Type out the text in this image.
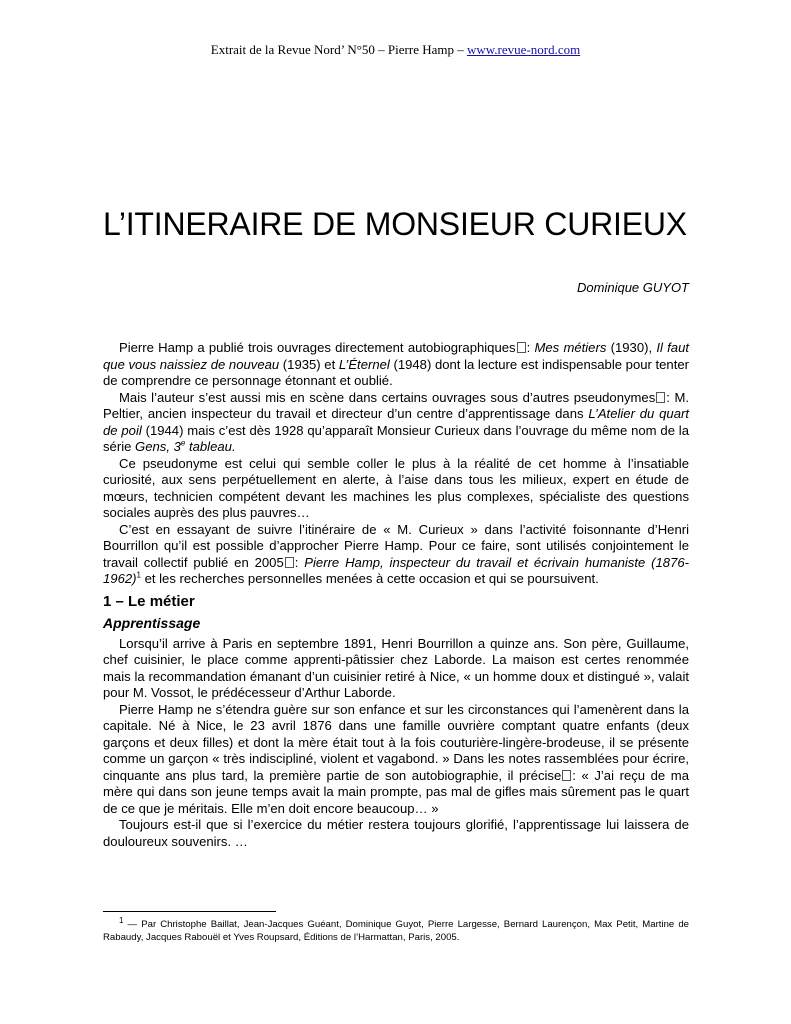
Extrait de la Revue Nord’ N°50 – Pierre Hamp – www.revue-nord.com
L’ITINERAIRE DE MONSIEUR CURIEUX
Dominique GUYOT

Pierre Hamp a publié trois ouvrages directement autobiographiques : Mes métiers (1930), Il faut que vous naissiez de nouveau (1935) et L’Éternel (1948) dont la lecture est indispensable pour tenter de comprendre ce personnage étonnant et oublié.

Mais l’auteur s’est aussi mis en scène dans certains ouvrages sous d’autres pseudonymes : M. Peltier, ancien inspecteur du travail et directeur d’un centre d’apprentissage dans L’Atelier du quart de poil (1944) mais c’est dès 1928 qu’apparaît Monsieur Curieux dans l’ouvrage du même nom de la série Gens, 3e tableau.

Ce pseudonyme est celui qui semble coller le plus à la réalité de cet homme à l’insatiable curiosité, aux sens perpétuellement en alerte, à l’aise dans tous les milieux, expert en étude de mœurs, technicien compétent devant les machines les plus complexes, spécialiste des questions sociales auprès des plus pauvres…

C’est en essayant de suivre l’itinéraire de « M. Curieux » dans l’activité foisonnante d’Henri Bourrillon qu’il est possible d’approcher Pierre Hamp. Pour ce faire, sont utilisés conjointement le travail collectif publié en 2005 : Pierre Hamp, inspecteur du travail et écrivain humaniste (1876-1962)$^1$ et les recherches personnelles menées à cette occasion et qui se poursuivent.

1 – Le métier
Apprentissage

Lorsqu’il arrive à Paris en septembre 1891, Henri Bourrillon a quinze ans. Son père, Guillaume, chef cuisinier, le place comme apprenti-pâtissier chez Laborde. La maison est certes renommée mais la recommandation émanant d’un cuisinier retiré à Nice, « un homme doux et distingué », valait pour M. Vossot, le prédécesseur d’Arthur Laborde.

Pierre Hamp ne s’étendra guère sur son enfance et sur les circonstances qui l’amenèrent dans la capitale. Né à Nice, le 23 avril 1876 dans une famille ouvrière comptant quatre enfants (deux garçons et deux filles) et dont la mère était tout à la fois couturière-lingère-brodeuse, il se présente comme un garçon « très indiscipliné, violent et vagabond. » Dans les notes rassemblées pour écrire, cinquante ans plus tard, la première partie de son autobiographie, il précise : « J’ai reçu de ma mère qui dans son jeune temps avait la main prompte, pas mal de gifles mais sûrement pas le quart de ce que je méritais. Elle m’en doit encore beaucoup… »

Toujours est-il que si l’exercice du métier restera toujours glorifié, l’apprentissage lui laissera de douloureux souvenirs. …

$^1$ — Par Christophe Baillat, Jean-Jacques Guéant, Dominique Guyot, Pierre Largesse, Bernard Laurençon, Max Petit, Martine de Rabaudy, Jacques Rabouël et Yves Roupsard, Éditions de l’Harmattan, Paris, 2005.
